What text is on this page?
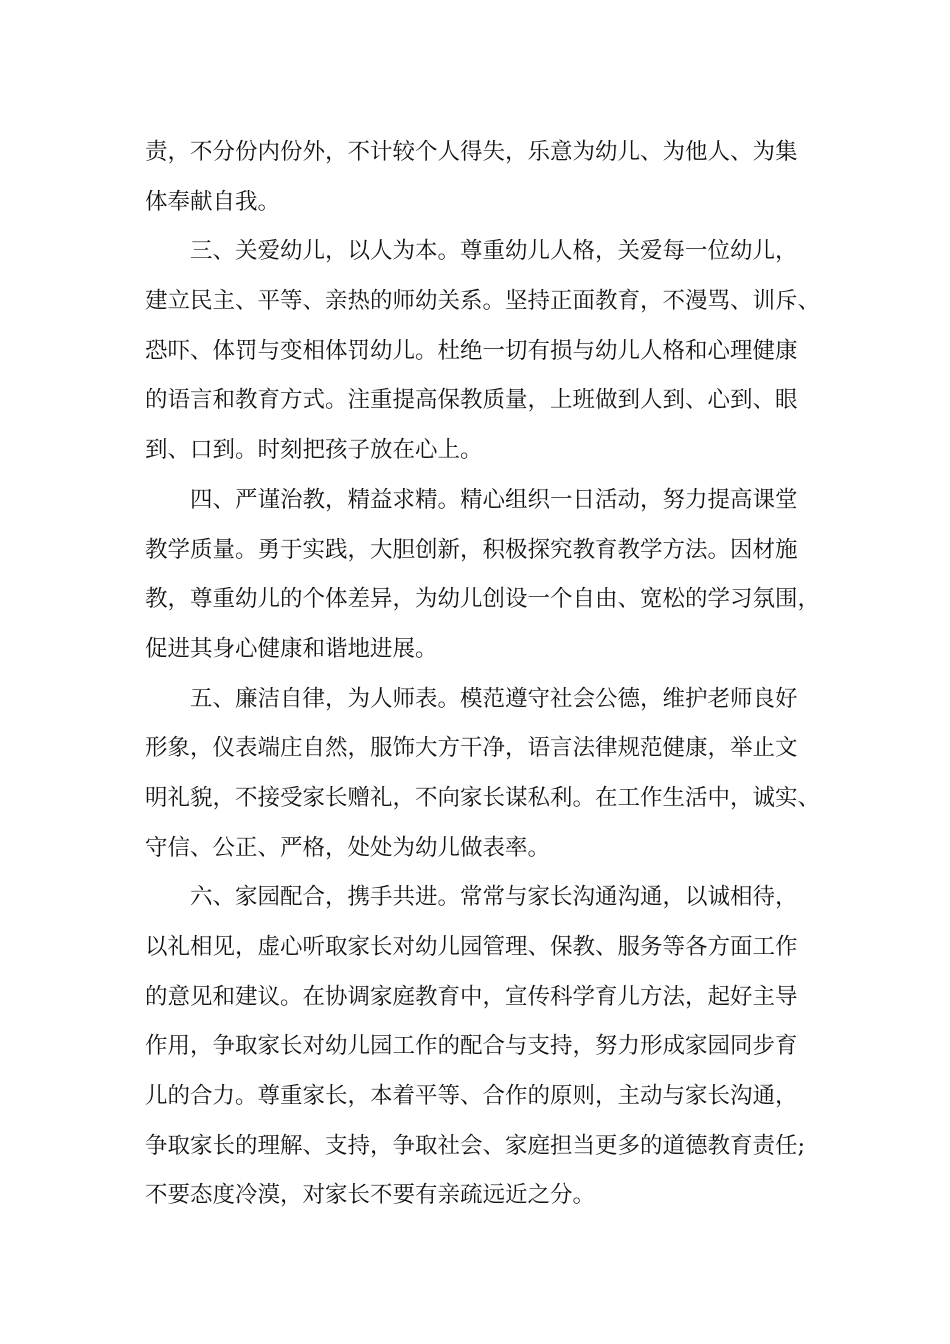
责，不分份内份外，不计较个人得失，乐意为幼儿、为他人、为集
体奉献自我。
三、关爱幼儿，以人为本。尊重幼儿人格，关爱每一位幼儿，
建立民主、平等、亲热的师幼关系。坚持正面教育，不漫骂、训斥、
恐吓、体罚与变相体罚幼儿。杜绝一切有损与幼儿人格和心理健康
的语言和教育方式。注重提高保教质量，上班做到人到、心到、眼
到、口到。时刻把孩子放在心上。
四、严谨治教，精益求精。精心组织一日活动，努力提高课堂
教学质量。勇于实践，大胆创新，积极探究教育教学方法。因材施
教，尊重幼儿的个体差异，为幼儿创设一个自由、宽松的学习氛围，
促进其身心健康和谐地进展。
五、廉洁自律，为人师表。模范遵守社会公德，维护老师良好
形象，仪表端庄自然，服饰大方干净，语言法律规范健康，举止文
明礼貌，不接受家长赠礼，不向家长谋私利。在工作生活中，诚实、
守信、公正、严格，处处为幼儿做表率。
六、家园配合，携手共进。常常与家长沟通沟通，以诚相待，
以礼相见，虚心听取家长对幼儿园管理、保教、服务等各方面工作
的意见和建议。在协调家庭教育中，宣传科学育儿方法，起好主导
作用，争取家长对幼儿园工作的配合与支持，努力形成家园同步育
儿的合力。尊重家长，本着平等、合作的原则，主动与家长沟通，
争取家长的理解、支持，争取社会、家庭担当更多的道德教育责任;
不要态度冷漠，对家长不要有亲疏远近之分。
